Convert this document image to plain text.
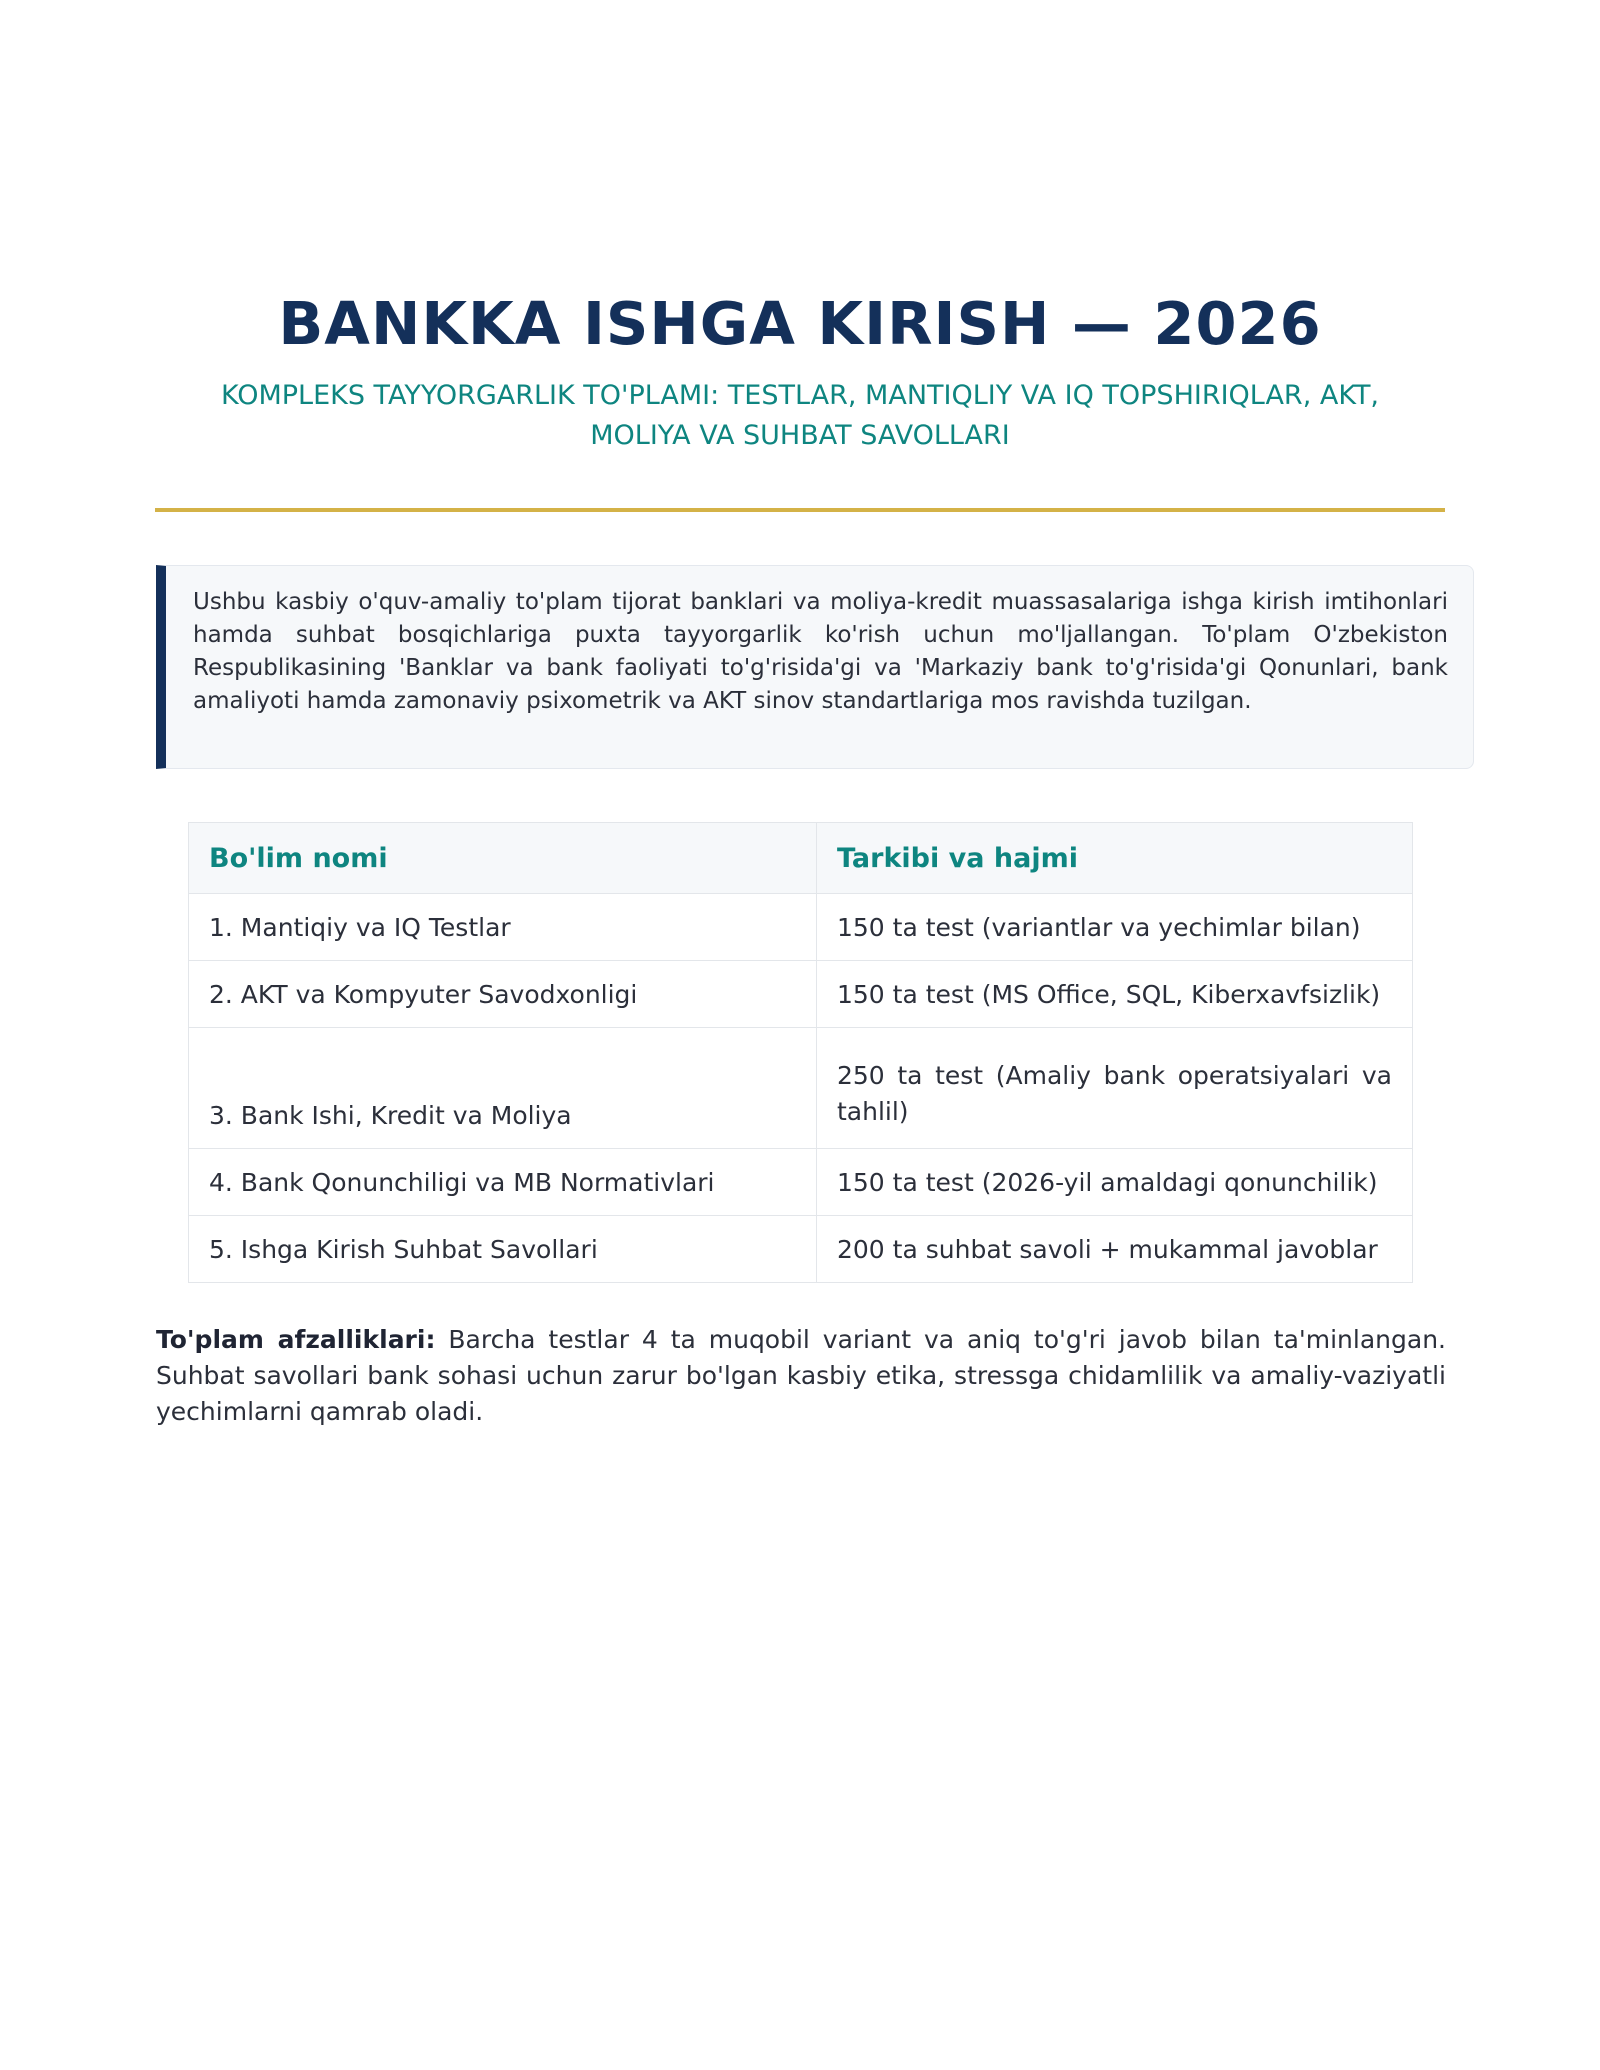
BANKKA ISHGA KIRISH — 2026

KOMPLEKS TAYYORGARLIK TO'PLAMI: TESTLAR, MANTIQLIY VA IQ TOPSHIRIQLAR, AKT,
MOLIYA VA SUHBAT SAVOLLARI

Ushbu kasbiy o'quv-amaliy to'plam tijorat banklari va moliya-kredit muassasalariga ishga kirish imtihonlari hamda suhbat bosqichlariga puxta tayyorgarlik ko'rish uchun mo'ljallangan. To'plam O'zbekiston Respublikasining 'Banklar va bank faoliyati to'g'risida'gi va 'Markaziy bank to'g'risida'gi Qonunlari, bank amaliyoti hamda zamonaviy psixometrik va AKT sinov standartlariga mos ravishda tuzilgan.

Bo'lim nomi	Tarkibi va hajmi
1. Mantiqiy va IQ Testlar	150 ta test (variantlar va yechimlar bilan)
2. AKT va Kompyuter Savodxonligi	150 ta test (MS Office, SQL, Kiberxavfsizlik)
3. Bank Ishi, Kredit va Moliya	250 ta test (Amaliy bank operatsiyalari va tahlil)
4. Bank Qonunchiligi va MB Normativlari	150 ta test (2026-yil amaldagi qonunchilik)
5. Ishga Kirish Suhbat Savollari	200 ta suhbat savoli + mukammal javoblar

To'plam afzalliklari: Barcha testlar 4 ta muqobil variant va aniq to'g'ri javob bilan ta'minlangan. Suhbat savollari bank sohasi uchun zarur bo'lgan kasbiy etika, stressga chidamlilik va amaliy-vaziyatli yechimlarni qamrab oladi.
